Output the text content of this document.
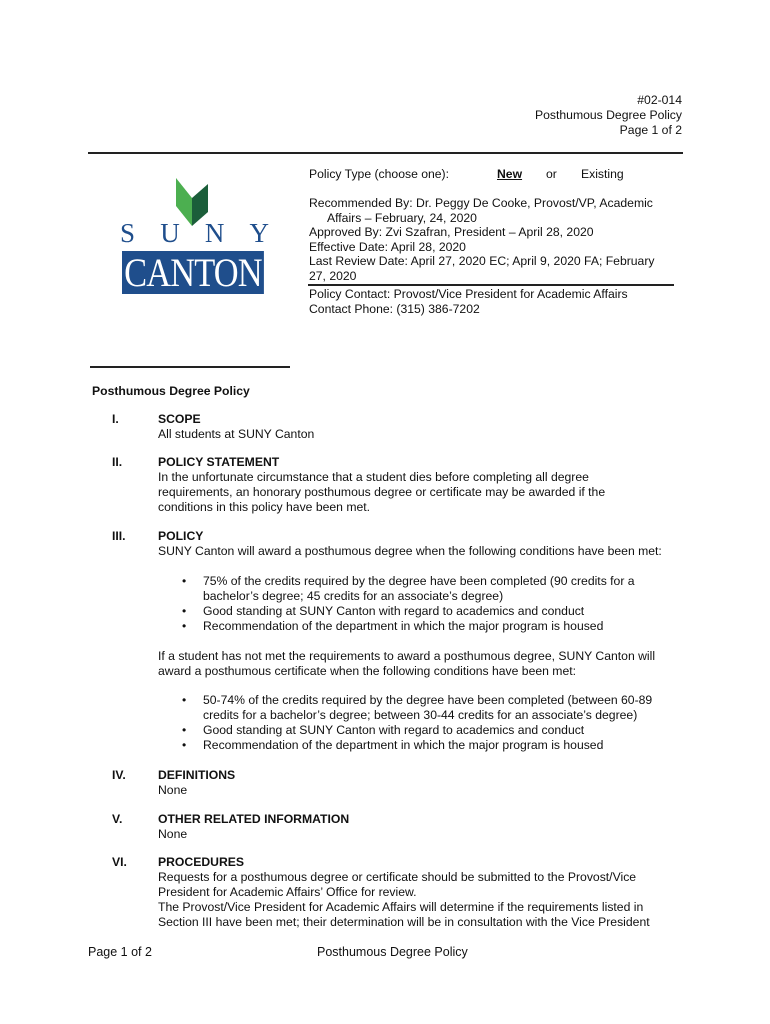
#02-014
Posthumous Degree Policy
Page 1 of 2
S U N Y
CANTON
Policy Type (choose one):	New or Existing
Recommended By: Dr. Peggy De Cooke, Provost/VP, Academic
Affairs – February, 24, 2020
Approved By: Zvi Szafran, President – April 28, 2020
Effective Date: April 28, 2020
Last Review Date: April 27, 2020 EC; April 9, 2020 FA; February
27, 2020
Policy Contact: Provost/Vice President for Academic Affairs
Contact Phone: (315) 386-7202
Posthumous Degree Policy
I.	SCOPE
All students at SUNY Canton
II.	POLICY STATEMENT
In the unfortunate circumstance that a student dies before completing all degree
requirements, an honorary posthumous degree or certificate may be awarded if the
conditions in this policy have been met.
III.	POLICY
SUNY Canton will award a posthumous degree when the following conditions have been met:
• 75% of the credits required by the degree have been completed (90 credits for a
bachelor’s degree; 45 credits for an associate’s degree)
• Good standing at SUNY Canton with regard to academics and conduct
• Recommendation of the department in which the major program is housed
If a student has not met the requirements to award a posthumous degree, SUNY Canton will
award a posthumous certificate when the following conditions have been met:
• 50-74% of the credits required by the degree have been completed (between 60-89
credits for a bachelor’s degree; between 30-44 credits for an associate’s degree)
• Good standing at SUNY Canton with regard to academics and conduct
• Recommendation of the department in which the major program is housed
IV.	DEFINITIONS
None
V.	OTHER RELATED INFORMATION
None
VI.	PROCEDURES
Requests for a posthumous degree or certificate should be submitted to the Provost/Vice
President for Academic Affairs’ Office for review.
The Provost/Vice President for Academic Affairs will determine if the requirements listed in
Section III have been met; their determination will be in consultation with the Vice President
Page 1 of 2	Posthumous Degree Policy
